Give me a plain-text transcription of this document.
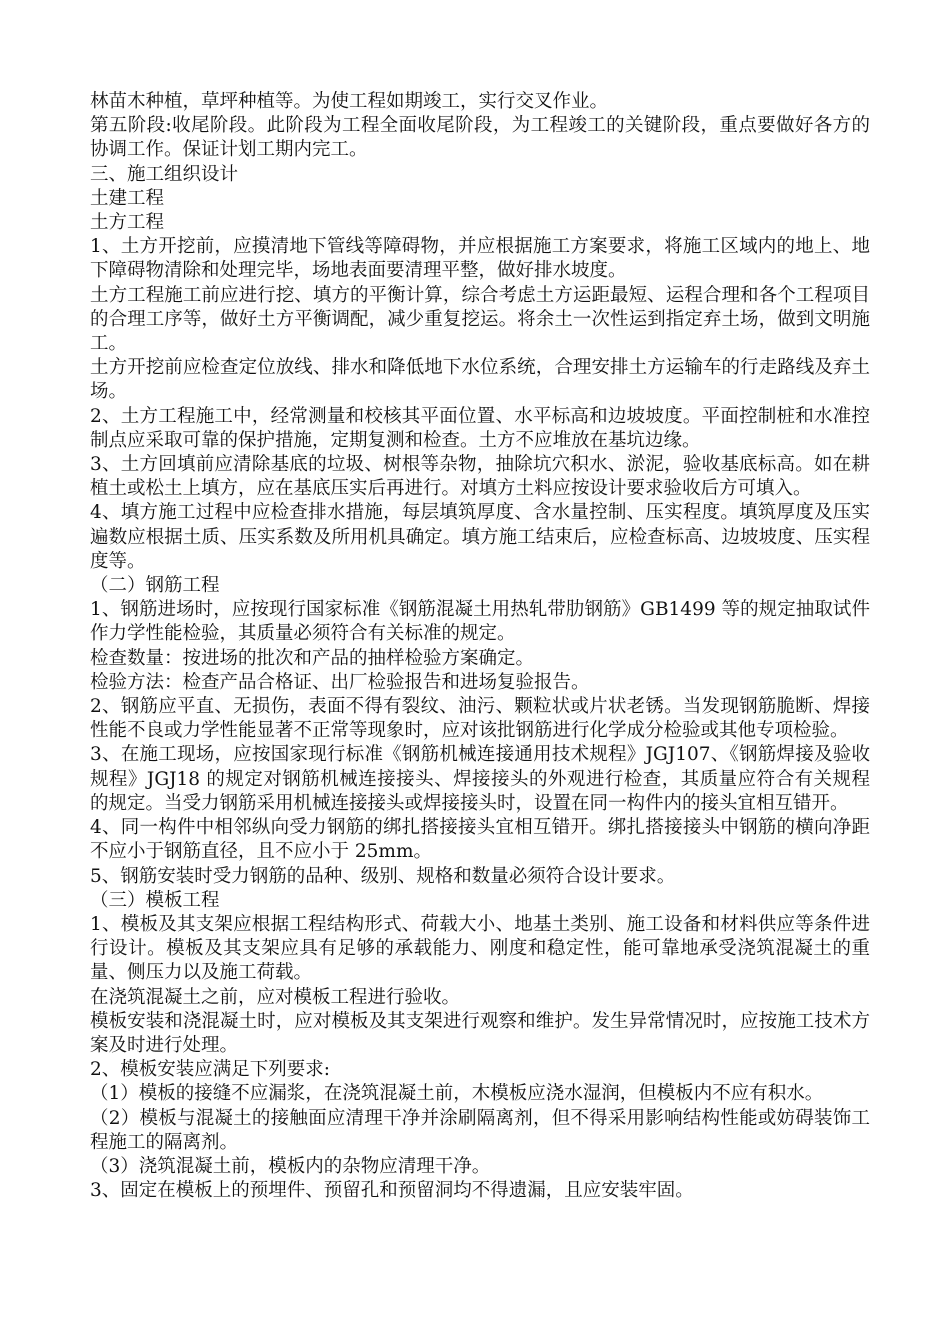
林苗木种植，草坪种植等。为使工程如期竣工，实行交叉作业。

第五阶段:收尾阶段。此阶段为工程全面收尾阶段，为工程竣工的关键阶段，重点要做好各方的协调工作。保证计划工期内完工。

三、施工组织设计

土建工程

土方工程

1、土方开挖前，应摸清地下管线等障碍物，并应根据施工方案要求，将施工区域内的地上、地下障碍物清除和处理完毕，场地表面要清理平整，做好排水坡度。

土方工程施工前应进行挖、填方的平衡计算，综合考虑土方运距最短、运程合理和各个工程项目的合理工序等，做好土方平衡调配，减少重复挖运。将余土一次性运到指定弃土场，做到文明施工。

土方开挖前应检查定位放线、排水和降低地下水位系统，合理安排土方运输车的行走路线及弃土场。

2、土方工程施工中，经常测量和校核其平面位置、水平标高和边坡坡度。平面控制桩和水准控制点应采取可靠的保护措施，定期复测和检查。土方不应堆放在基坑边缘。

3、土方回填前应清除基底的垃圾、树根等杂物，抽除坑穴积水、淤泥，验收基底标高。如在耕植土或松土上填方，应在基底压实后再进行。对填方土料应按设计要求验收后方可填入。

4、填方施工过程中应检查排水措施，每层填筑厚度、含水量控制、压实程度。填筑厚度及压实遍数应根据土质、压实系数及所用机具确定。填方施工结束后，应检查标高、边坡坡度、压实程度等。

（二）钢筋工程

1、钢筋进场时，应按现行国家标准《钢筋混凝土用热轧带肋钢筋》GB1499 等的规定抽取试件作力学性能检验，其质量必须符合有关标准的规定。

检查数量：按进场的批次和产品的抽样检验方案确定。

检验方法：检查产品合格证、出厂检验报告和进场复验报告。

2、钢筋应平直、无损伤，表面不得有裂纹、油污、颗粒状或片状老锈。当发现钢筋脆断、焊接性能不良或力学性能显著不正常等现象时，应对该批钢筋进行化学成分检验或其他专项检验。

3、在施工现场，应按国家现行标准《钢筋机械连接通用技术规程》JGJ107、《钢筋焊接及验收规程》JGJ18 的规定对钢筋机械连接接头、焊接接头的外观进行检查，其质量应符合有关规程的规定。当受力钢筋采用机械连接接头或焊接接头时，设置在同一构件内的接头宜相互错开。

4、同一构件中相邻纵向受力钢筋的绑扎搭接接头宜相互错开。绑扎搭接接头中钢筋的横向净距不应小于钢筋直径，且不应小于 25mm。

5、钢筋安装时受力钢筋的品种、级别、规格和数量必须符合设计要求。

（三）模板工程

1、模板及其支架应根据工程结构形式、荷载大小、地基土类别、施工设备和材料供应等条件进行设计。模板及其支架应具有足够的承载能力、刚度和稳定性，能可靠地承受浇筑混凝土的重量、侧压力以及施工荷载。

在浇筑混凝土之前，应对模板工程进行验收。

模板安装和浇混凝土时，应对模板及其支架进行观察和维护。发生异常情况时，应按施工技术方案及时进行处理。

2、模板安装应满足下列要求:

（1）模板的接缝不应漏浆，在浇筑混凝土前，木模板应浇水湿润，但模板内不应有积水。

（2）模板与混凝土的接触面应清理干净并涂刷隔离剂，但不得采用影响结构性能或妨碍装饰工程施工的隔离剂。

（3）浇筑混凝土前，模板内的杂物应清理干净。

3、固定在模板上的预埋件、预留孔和预留洞均不得遗漏，且应安装牢固。
